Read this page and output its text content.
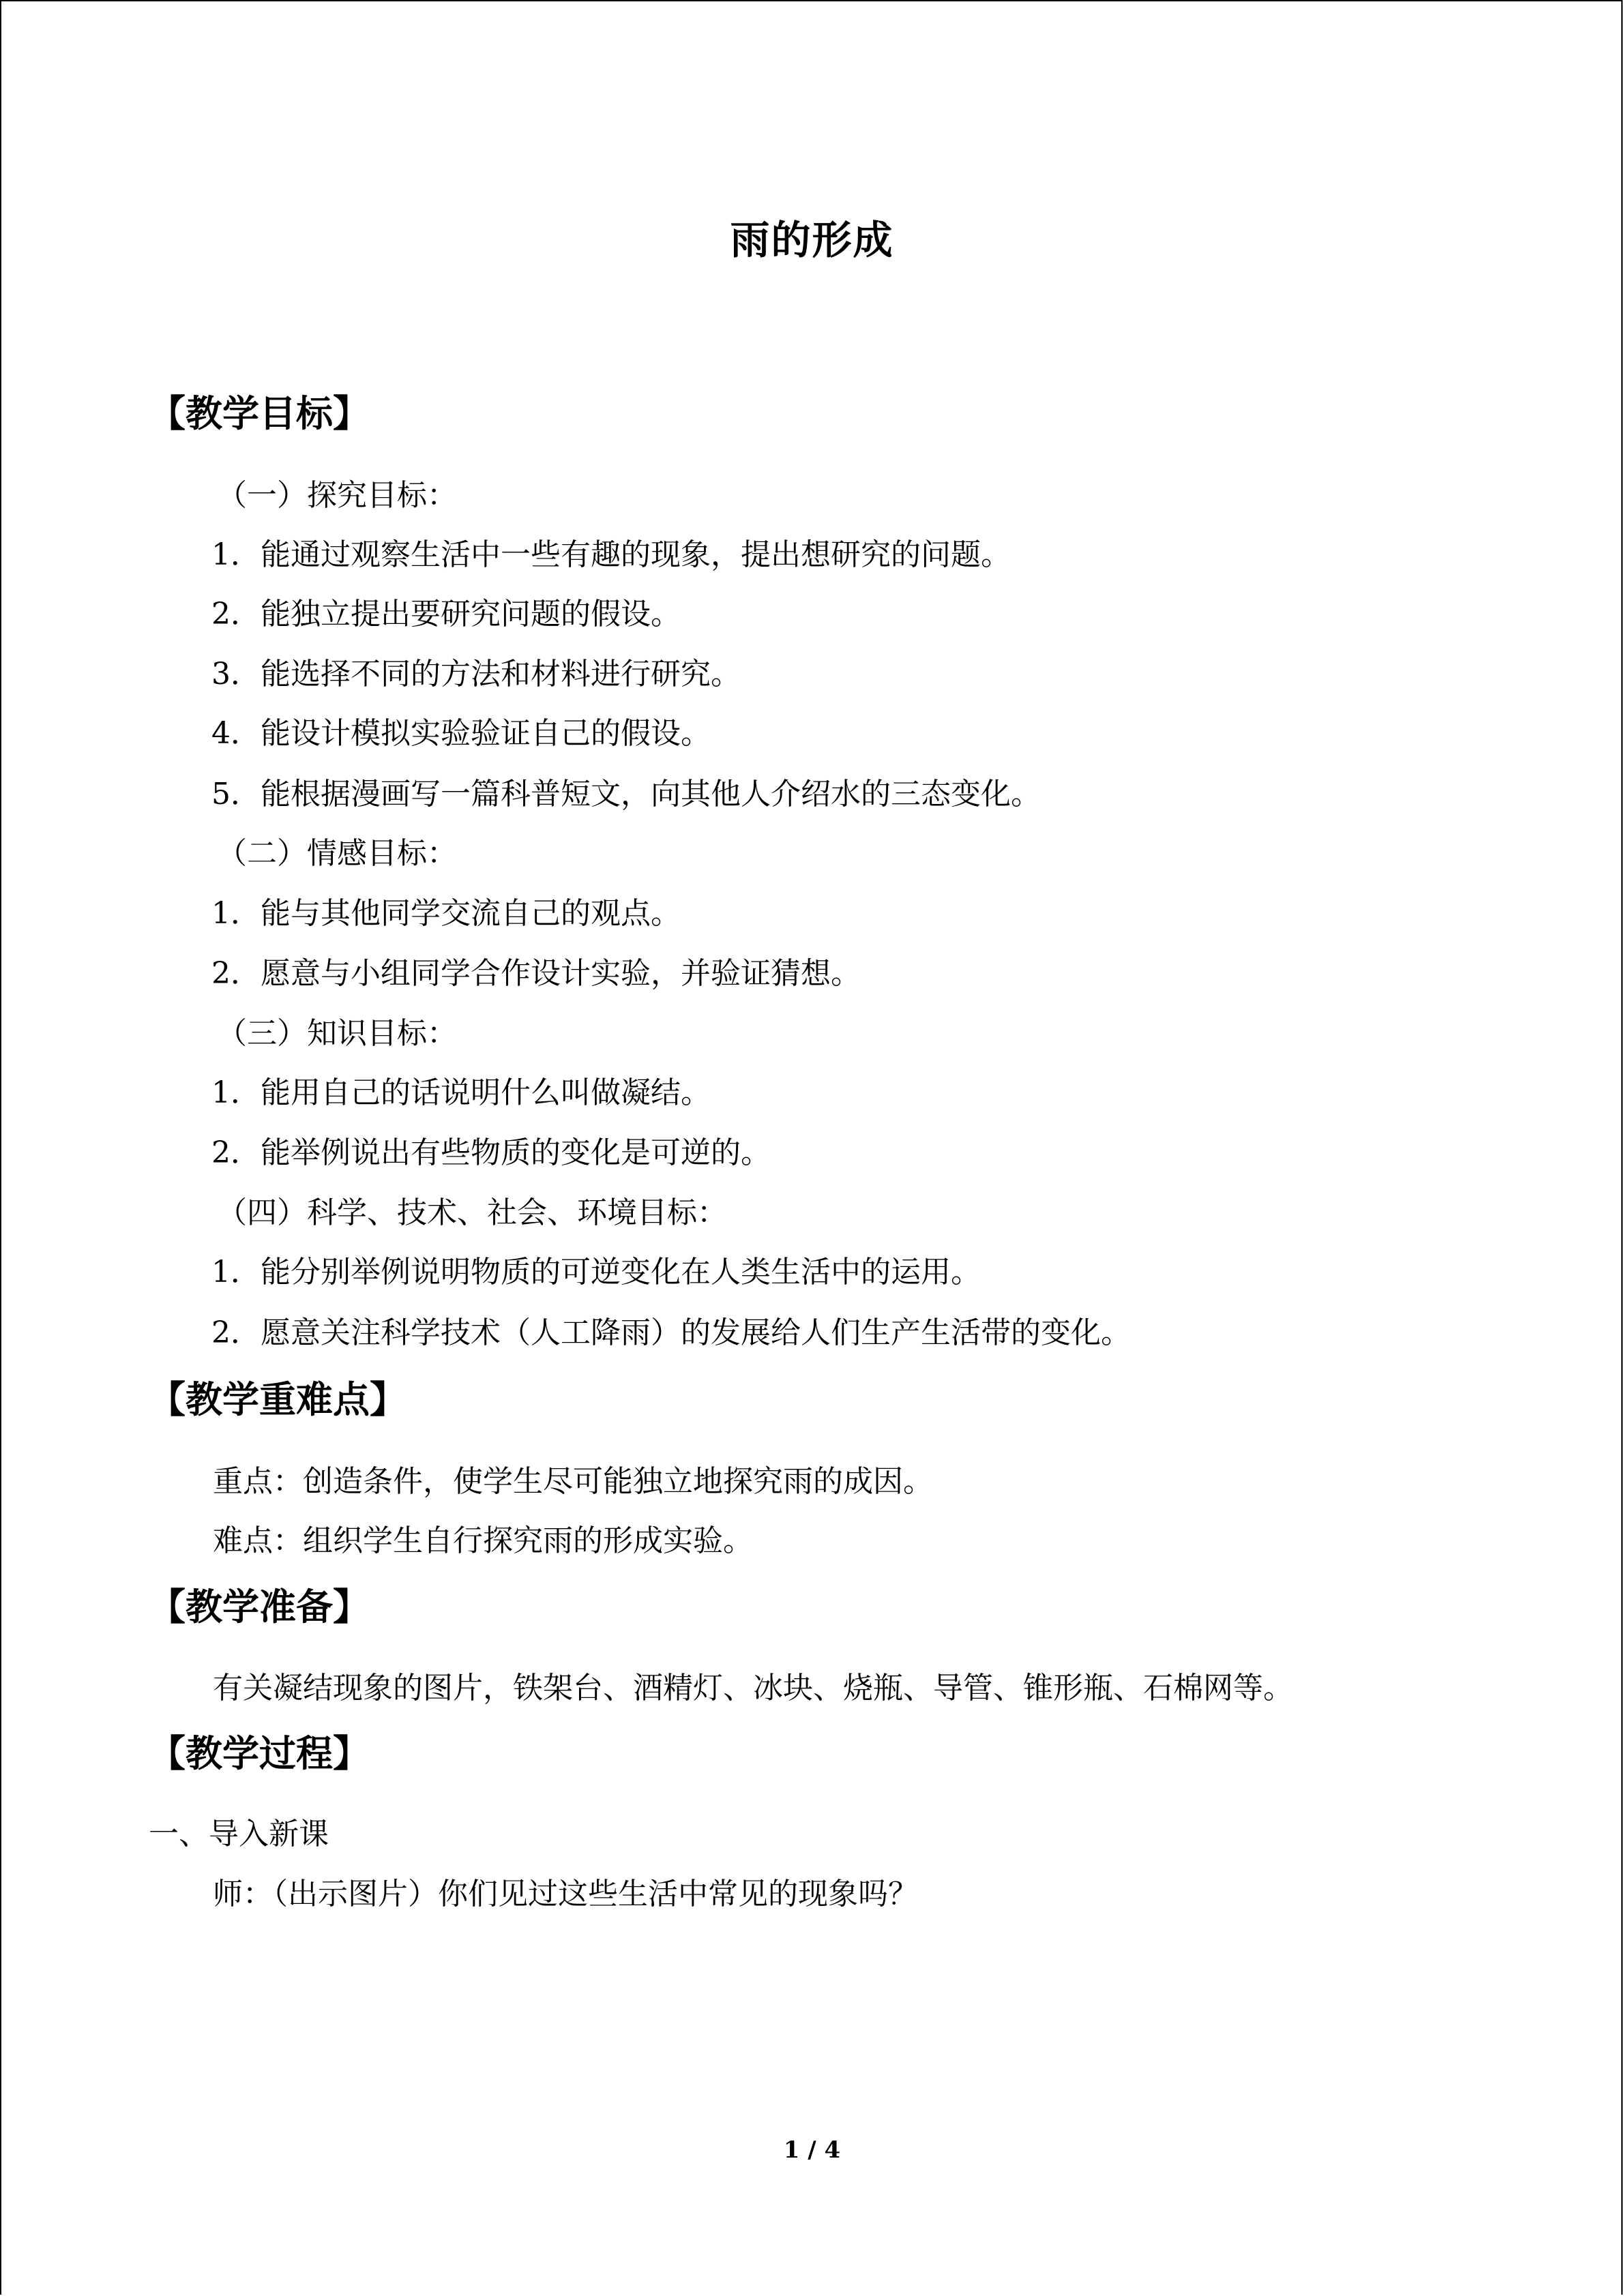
雨的形成
【教学目标】
（一）探究目标：
1．能通过观察生活中一些有趣的现象，提出想研究的问题。
2．能独立提出要研究问题的假设。
3．能选择不同的方法和材料进行研究。
4．能设计模拟实验验证自己的假设。
5．能根据漫画写一篇科普短文，向其他人介绍水的三态变化。
（二）情感目标：
1．能与其他同学交流自己的观点。
2．愿意与小组同学合作设计实验，并验证猜想。
（三）知识目标：
1．能用自己的话说明什么叫做凝结。
2．能举例说出有些物质的变化是可逆的。
（四）科学、技术、社会、环境目标：
1．能分别举例说明物质的可逆变化在人类生活中的运用。
2．愿意关注科学技术（人工降雨）的发展给人们生产生活带的变化。
【教学重难点】
重点：创造条件，使学生尽可能独立地探究雨的成因。
难点：组织学生自行探究雨的形成实验。
【教学准备】
有关凝结现象的图片，铁架台、酒精灯、冰块、烧瓶、导管、锥形瓶、石棉网等。
【教学过程】
一、导入新课
师：（出示图片）你们见过这些生活中常见的现象吗？
1 / 4
